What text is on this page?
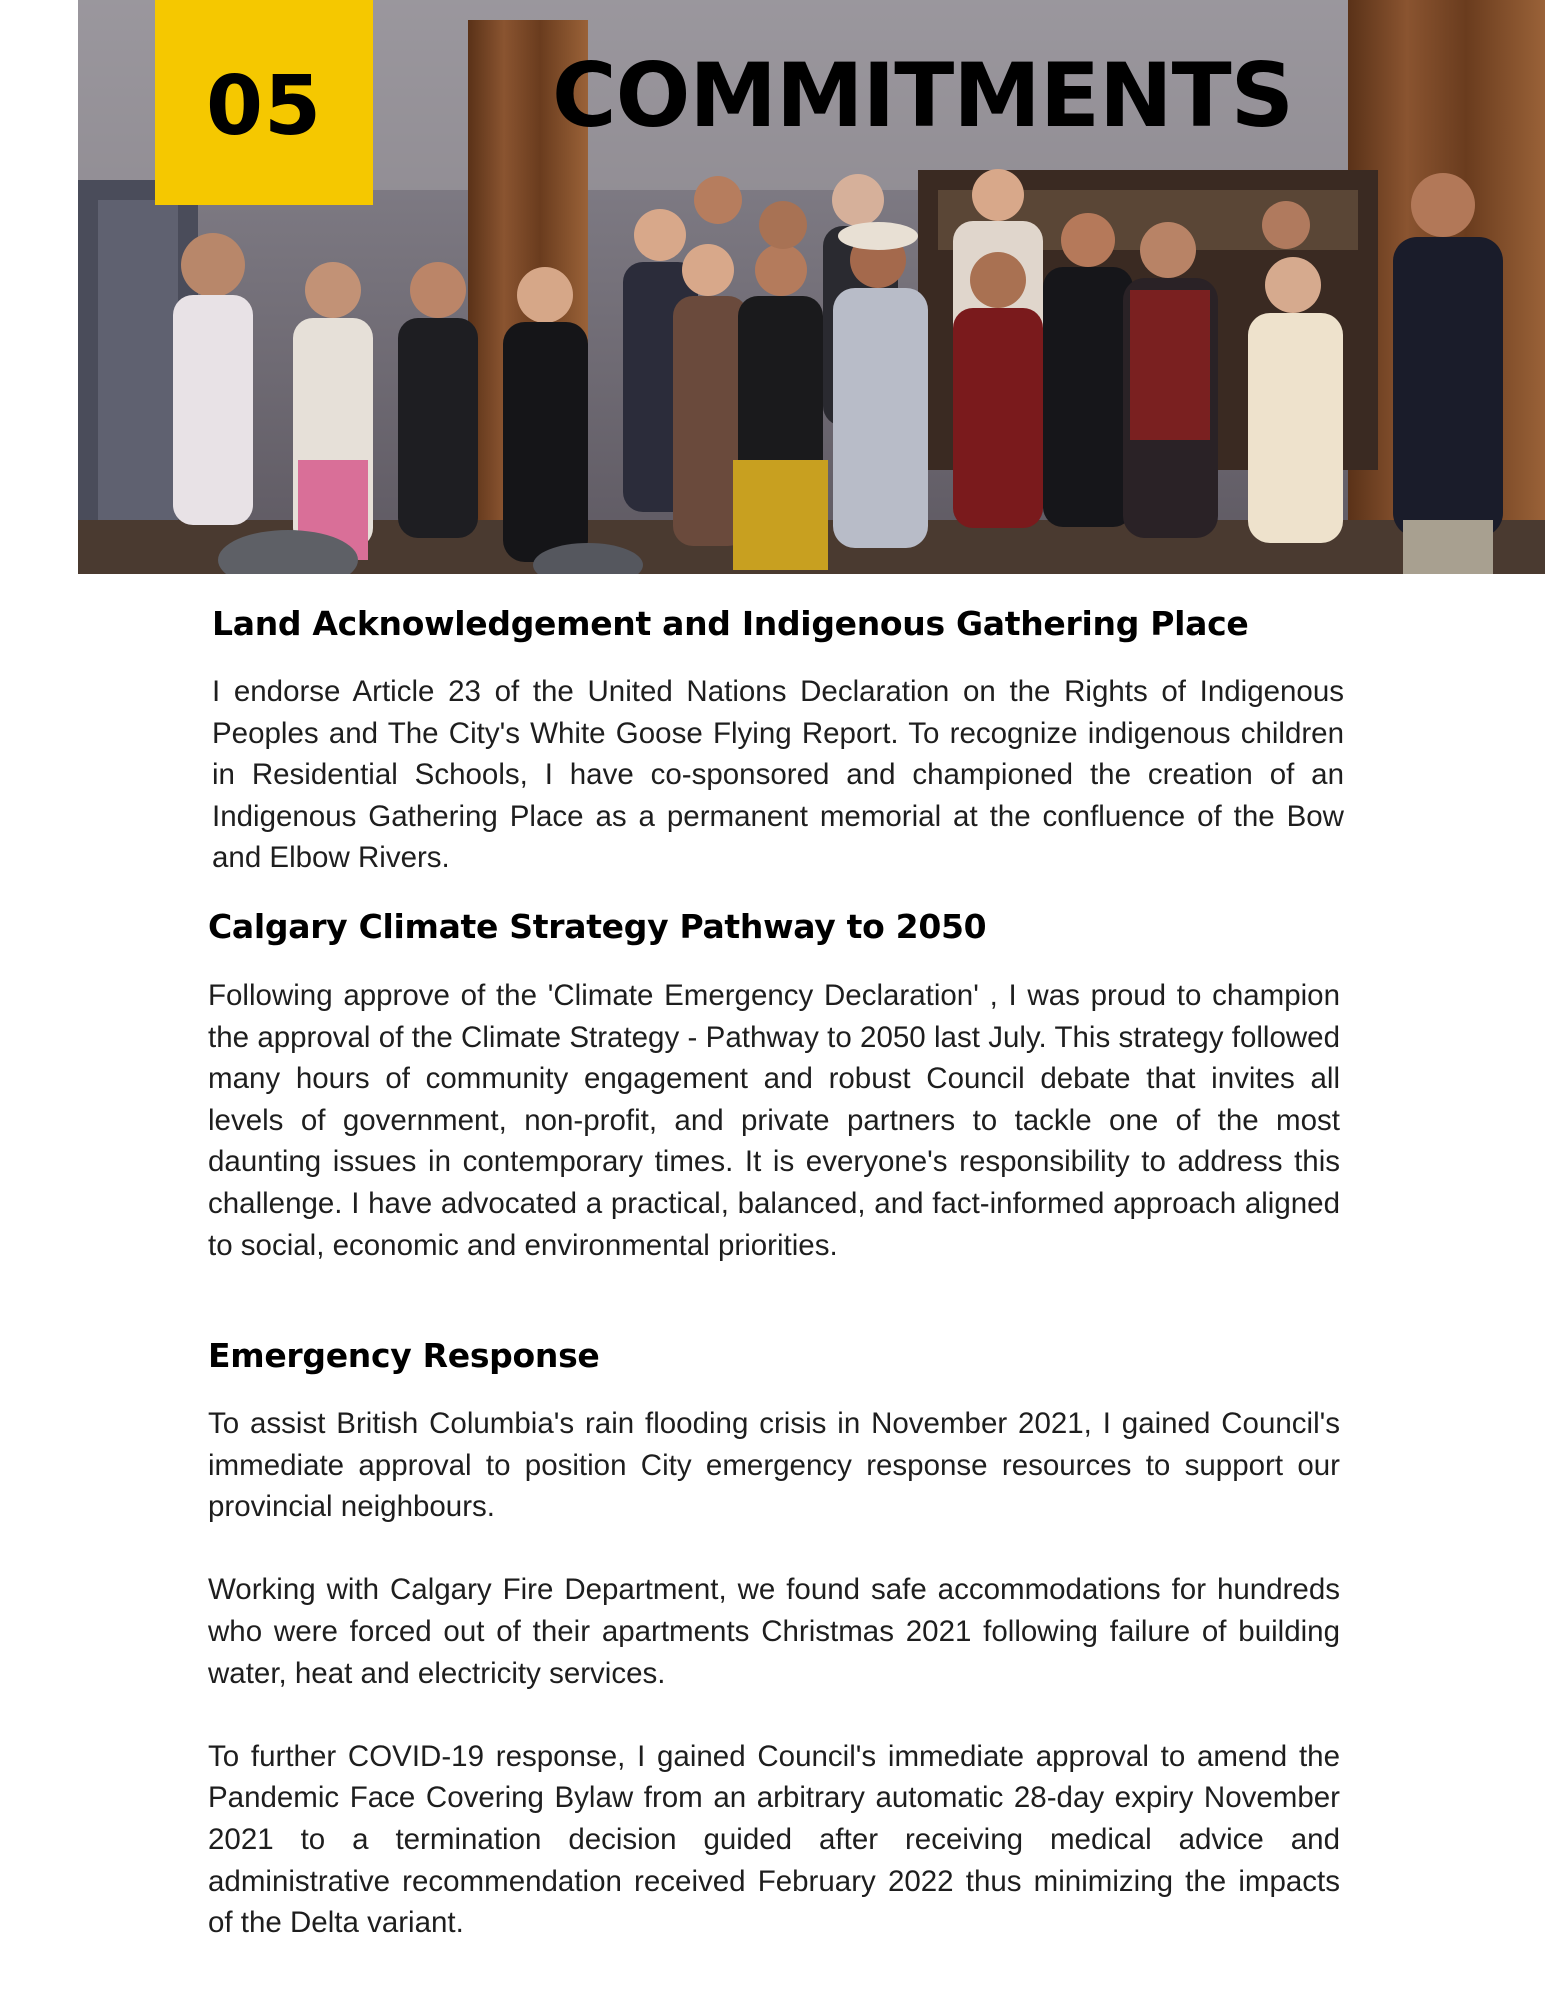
05	COMMITMENTS
Land Acknowledgement and Indigenous Gathering Place

I endorse Article 23 of the United Nations Declaration on the Rights of Indigenous Peoples and The City's White Goose Flying Report. To recognize indigenous children in Residential Schools, I have co-sponsored and championed the creation of an Indigenous Gathering Place as a permanent memorial at the confluence of the Bow and Elbow Rivers.

Calgary Climate Strategy Pathway to 2050

Following approve of the 'Climate Emergency Declaration' , I was proud to champion the approval of the Climate Strategy - Pathway to 2050 last July. This strategy followed many hours of community engagement and robust Council debate that invites all levels of government, non-profit, and private partners to tackle one of the most daunting issues in contemporary times. It is everyone's responsibility to address this challenge. I have advocated a practical, balanced, and fact-informed approach aligned to social, economic and environmental priorities.

Emergency Response

To assist British Columbia's rain flooding crisis in November 2021, I gained Council's immediate approval to position City emergency response resources to support our provincial neighbours.

Working with Calgary Fire Department, we found safe accommodations for hundreds who were forced out of their apartments Christmas 2021 following failure of building water, heat and electricity services.

To further COVID-19 response, I gained Council's immediate approval to amend the Pandemic Face Covering Bylaw from an arbitrary automatic 28-day expiry November 2021 to a termination decision guided after receiving medical advice and administrative recommendation received February 2022 thus minimizing the impacts of the Delta variant.
